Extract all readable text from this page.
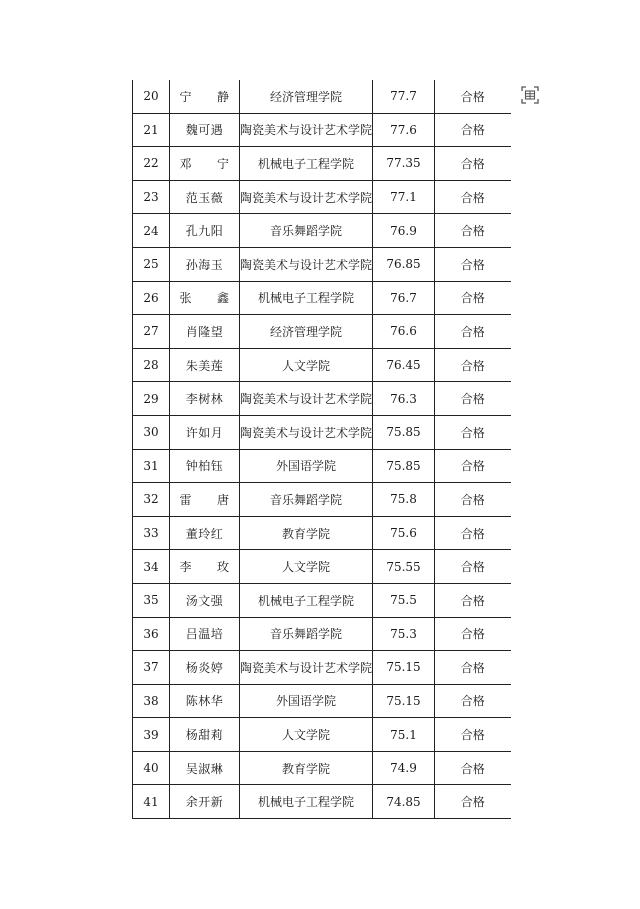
20	宁　　静	经济管理学院	77.7	合格
21	魏可遇	陶瓷美术与设计艺术学院	77.6	合格
22	邓　　宁	机械电子工程学院	77.35	合格
23	范玉薇	陶瓷美术与设计艺术学院	77.1	合格
24	孔九阳	音乐舞蹈学院	76.9	合格
25	孙海玉	陶瓷美术与设计艺术学院	76.85	合格
26	张　　鑫	机械电子工程学院	76.7	合格
27	肖隆望	经济管理学院	76.6	合格
28	朱美莲	人文学院	76.45	合格
29	李树林	陶瓷美术与设计艺术学院	76.3	合格
30	许如月	陶瓷美术与设计艺术学院	75.85	合格
31	钟柏钰	外国语学院	75.85	合格
32	雷　　唐	音乐舞蹈学院	75.8	合格
33	董玲红	教育学院	75.6	合格
34	李　　玫	人文学院	75.55	合格
35	汤文强	机械电子工程学院	75.5	合格
36	吕温培	音乐舞蹈学院	75.3	合格
37	杨炎婷	陶瓷美术与设计艺术学院	75.15	合格
38	陈林华	外国语学院	75.15	合格
39	杨甜莉	人文学院	75.1	合格
40	吴淑琳	教育学院	74.9	合格
41	余开新	机械电子工程学院	74.85	合格
